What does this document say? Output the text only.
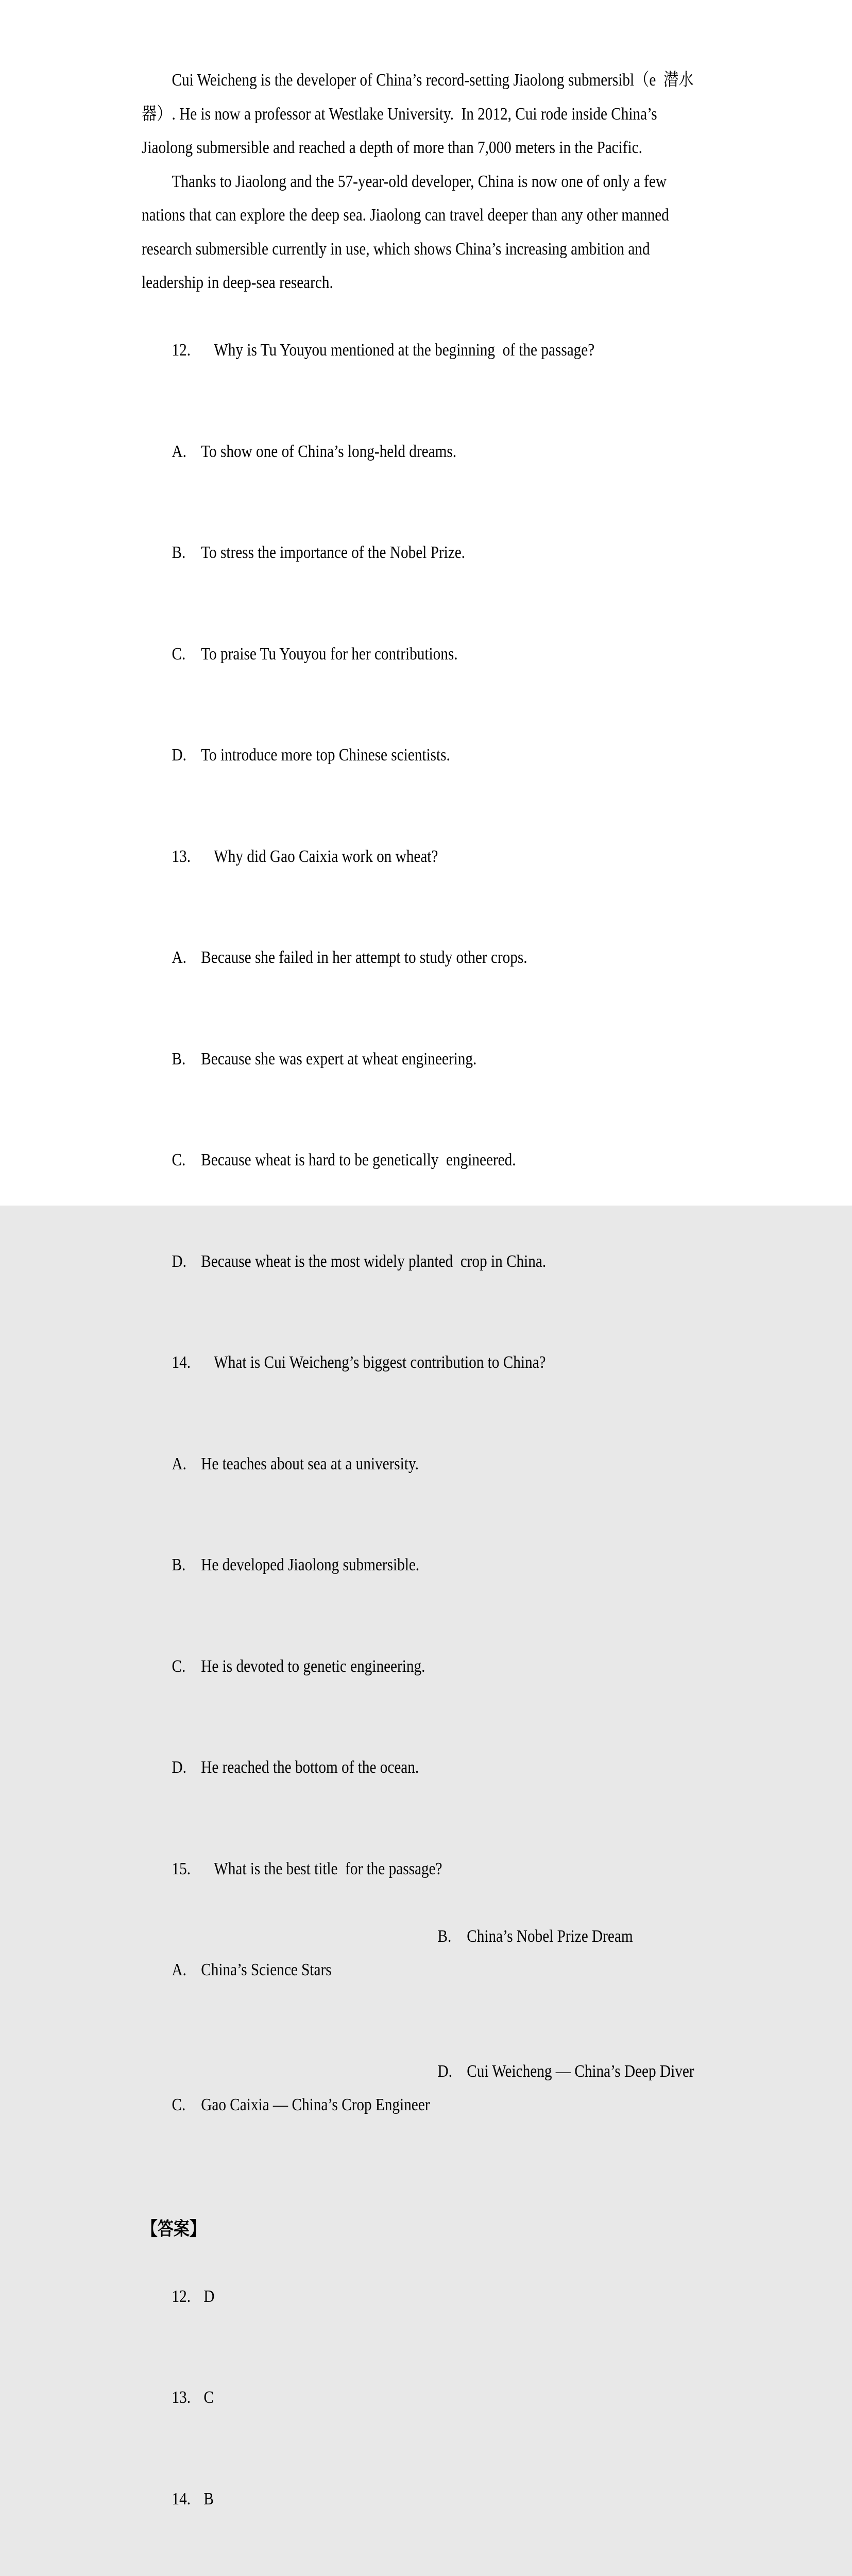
Cui Weicheng is the developer of China’s record-setting Jiaolong submersibl（e  潜水
器）. He is now a professor at Westlake University.  In 2012, Cui rode inside China’s
Jiaolong submersible and reached a depth of more than 7,000 meters in the Pacific.
Thanks to Jiaolong and the 57-year-old developer, China is now one of only a few
nations that can explore the deep sea. Jiaolong can travel deeper than any other manned
research submersible currently in use, which shows China’s increasing ambition and
leadership in deep-sea research.

12. Why is Tu Youyou mentioned at the beginning  of the passage?

A. To show one of China’s long-held dreams.

B. To stress the importance of the Nobel Prize.

C. To praise Tu Youyou for her contributions.

D. To introduce more top Chinese scientists.

13. Why did Gao Caixia work on wheat?

A. Because she failed in her attempt to study other crops.

B. Because she was expert at wheat engineering.

C. Because wheat is hard to be genetically  engineered.

D. Because wheat is the most widely planted  crop in China.

14. What is Cui Weicheng’s biggest contribution to China?

A. He teaches about sea at a university.

B. He developed Jiaolong submersible.

C. He is devoted to genetic engineering.

D. He reached the bottom of the ocean.

15. What is the best title  for the passage?

A. China’s Science Stars

B. China’s Nobel Prize Dream

C. Gao Caixia — China’s Crop Engineer

D. Cui Weicheng — China’s Deep Diver

【答案】

12. D

13. C

14. B
